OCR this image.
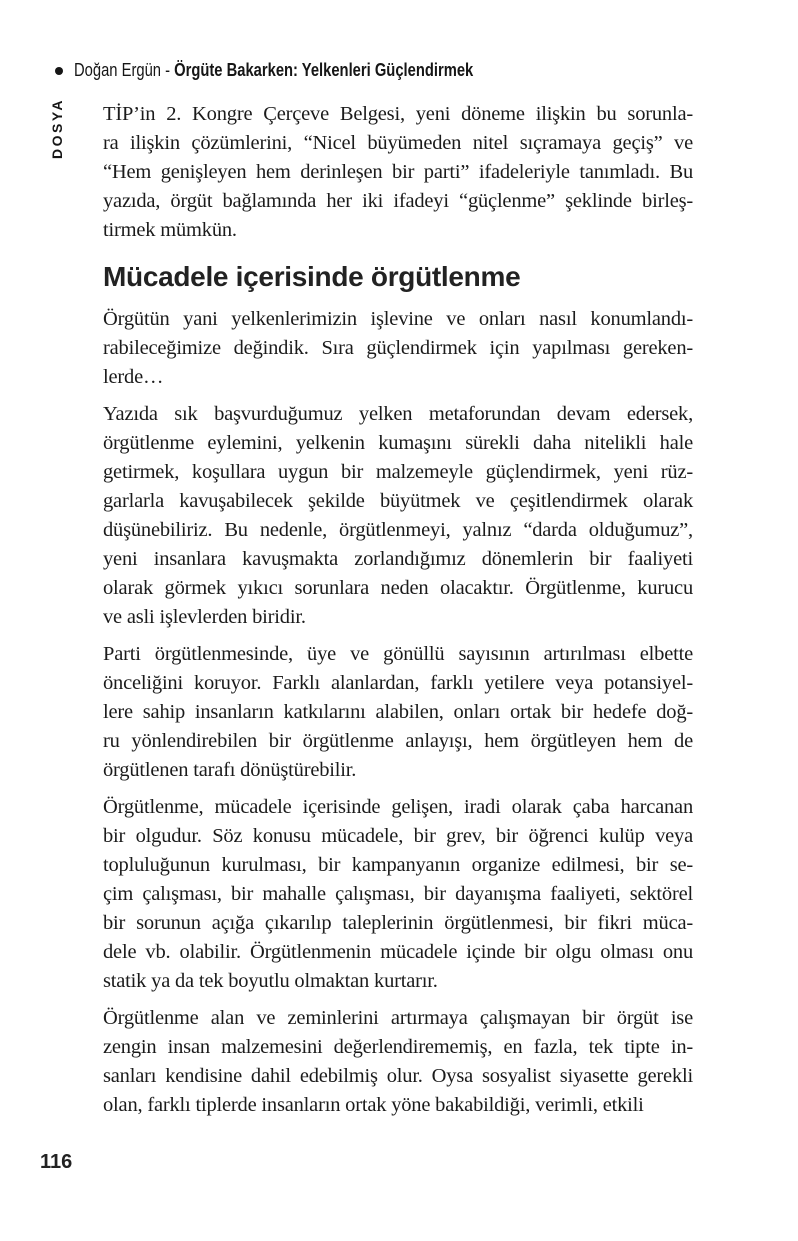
Doğan Ergün - Örgüte Bakarken: Yelkenleri Güçlendirmek
DOSYA TİP’in 2. Kongre Çerçeve Belgesi, yeni döneme ilişkin bu sorunla-
ra ilişkin çözümlerini, “Nicel büyümeden nitel sıçramaya geçiş” ve
“Hem genişleyen hem derinleşen bir parti” ifadeleriyle tanımladı. Bu
yazıda, örgüt bağlamında her iki ifadeyi “güçlenme” şeklinde birleş-
tirmek mümkün.
Mücadele içerisinde örgütlenme
Örgütün yani yelkenlerimizin işlevine ve onları nasıl konumlandı-
rabileceğimize değindik. Sıra güçlendirmek için yapılması gereken-
lerde…
Yazıda sık başvurduğumuz yelken metaforundan devam edersek,
örgütlenme eylemini, yelkenin kumaşını sürekli daha nitelikli hale
getirmek, koşullara uygun bir malzemeyle güçlendirmek, yeni rüz-
garlarla kavuşabilecek şekilde büyütmek ve çeşitlendirmek olarak
düşünebiliriz. Bu nedenle, örgütlenmeyi, yalnız “darda olduğumuz”,
yeni insanlara kavuşmakta zorlandığımız dönemlerin bir faaliyeti
olarak görmek yıkıcı sorunlara neden olacaktır. Örgütlenme, kurucu
ve asli işlevlerden biridir.
Parti örgütlenmesinde, üye ve gönüllü sayısının artırılması elbette
önceliğini koruyor. Farklı alanlardan, farklı yetilere veya potansiyel-
lere sahip insanların katkılarını alabilen, onları ortak bir hedefe doğ-
ru yönlendirebilen bir örgütlenme anlayışı, hem örgütleyen hem de
örgütlenen tarafı dönüştürebilir.
Örgütlenme, mücadele içerisinde gelişen, iradi olarak çaba harcanan
bir olgudur. Söz konusu mücadele, bir grev, bir öğrenci kulüp veya
topluluğunun kurulması, bir kampanyanın organize edilmesi, bir se-
çim çalışması, bir mahalle çalışması, bir dayanışma faaliyeti, sektörel
bir sorunun açığa çıkarılıp taleplerinin örgütlenmesi, bir fikri müca-
dele vb. olabilir. Örgütlenmenin mücadele içinde bir olgu olması onu
statik ya da tek boyutlu olmaktan kurtarır.
Örgütlenme alan ve zeminlerini artırmaya çalışmayan bir örgüt ise
zengin insan malzemesini değerlendirememiş, en fazla, tek tipte in-
sanları kendisine dahil edebilmiş olur. Oysa sosyalist siyasette gerekli
olan, farklı tiplerde insanların ortak yöne bakabildiği, verimli, etkili
116
